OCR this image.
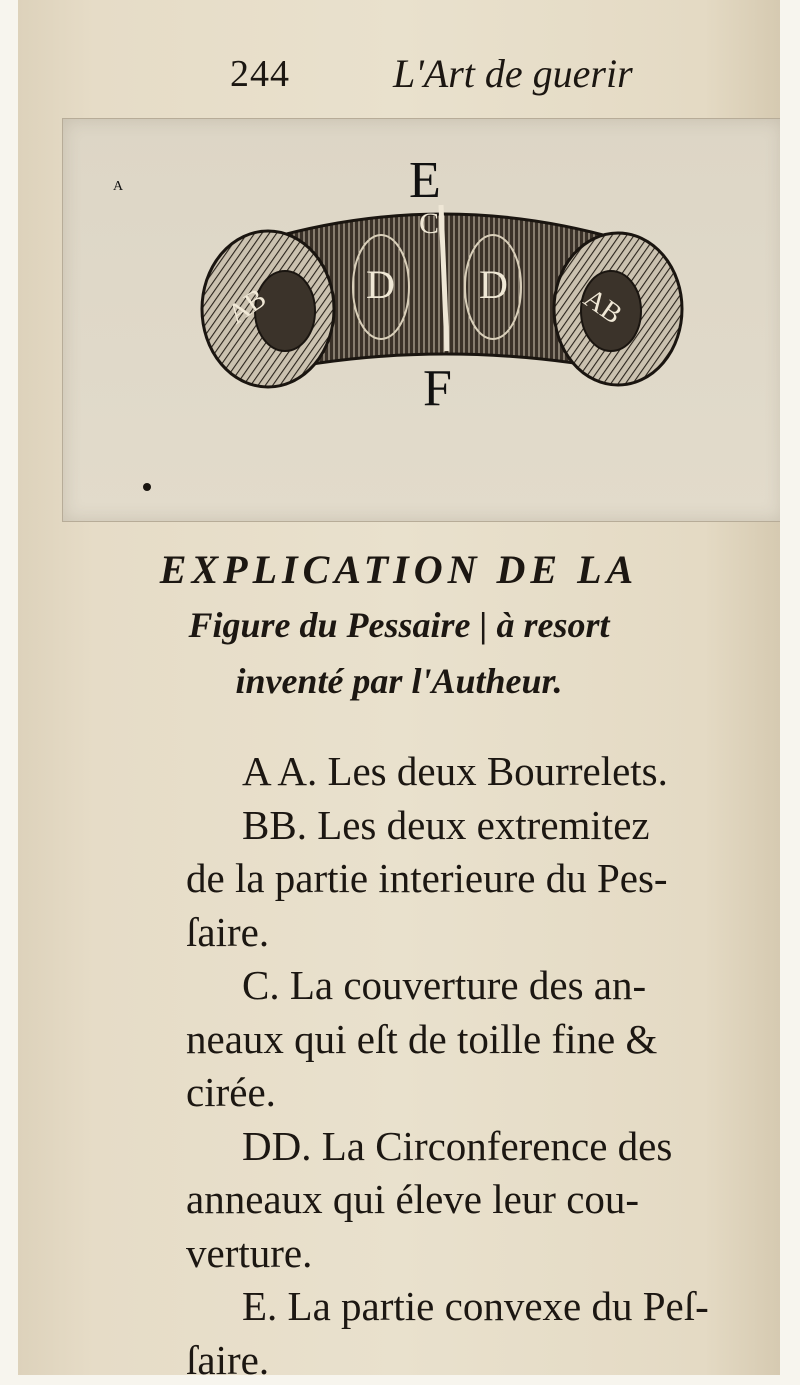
244	L'Art de guerir
E
F
C
D D
AB	AB
A
EXPLICATION DE LA
Figure du Pessaire | à resort
inventé par l'Autheur.
A A. Les deux Bourrelets.
BB. Les deux extremitez
de la partie interieure du Pes-
ſaire.
C. La couverture des an-
neaux qui eſt de toille fine &
cirée.
DD. La Circonference des
anneaux qui éleve leur cou-
verture.
E. La partie convexe du Peſ-
ſaire.
